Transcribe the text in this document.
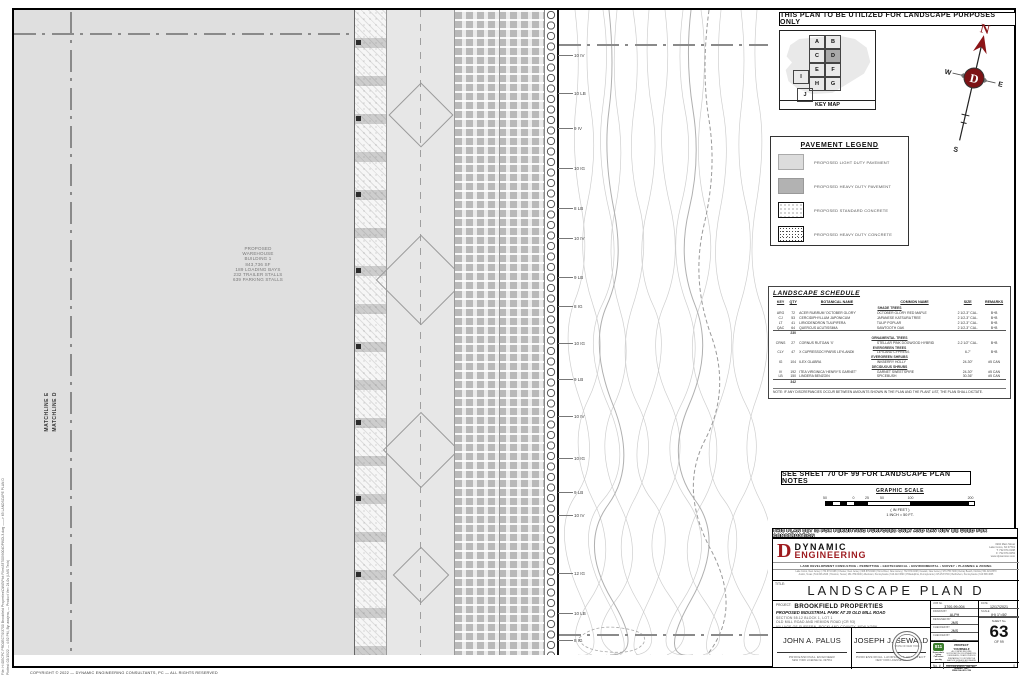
File: H:\DECPC PROJECTS\3700 Brookfield Properties\DWG\Plot Files\3370099004DPWDL3.dwg ——> 63 LANDSCAPE PLAN D Plotted: 02/15/22 — 4:52 PM, By: anajera, — Product Ver: 24.0s (LMS Tech)	COPYRIGHT © 2022 — DYNAMIC ENGINEERING CONSULTANTS, PC — ALL RIGHTS RESERVED
PROPOSED
WAREHOUSE
BUILDING 1
843,736 SF
189 LOADING BAYS
232 TRAILER STALLS
639 PARKING STALLS
MATCHLINE E MATCHLINE D
10 IV
10 LB
9 IV
10 IG
8 LB
10 IV
9 LB
8 IG
10 IG
9 LB
10 IV
10 IG
9 LB
10 IV
12 IG
10 LB
8 IG
THIS PLAN TO BE UTILIZED FOR LANDSCAPE PURPOSES ONLY
A	B
C	D
E	F
I
H	G
J
KEY MAP
N
D
W
E
S
PAVEMENT LEGEND
PROPOSED LIGHT DUTY PAVEMENT
PROPOSED HEAVY DUTY PAVEMENT
PROPOSED STANDARD CONCRETE
PROPOSED HEAVY DUTY CONCRETE
LANDSCAPE SCHEDULE
KEY	QTY	BOTANICAL NAME	COMMON NAME	SIZE	REMARKS
SHADE TREES					
ARG	72	ACER RUBRUM 'OCTOBER GLORY'	OCTOBER GLORY RED MAPLE	2 1/2-3" CAL.	B+B
CJ	53	CERCIDIPHYLLUM JAPONICUM	JAPANESE KATSURA TREE	2 1/2-3" CAL.	B+B
LT	41	LIRIODENDRON TULIPIFERA	TULIP POPLAR	2 1/2-3" CAL.	B+B
QAC	64	QUERCUS ACUTISSIMA	SAWTOOTH OAK	2 1/2-3" CAL.	B+B
	230				
ORNAMENTAL TREES					
CRNS	27	CORNUS RUTGAN 'X'	STELLAR PINK DOGWOOD HYBRID	2-2 1/2" CAL.	B+B
EVERGREEN TREES					
CLY	47	X CUPRESSOCYPARIS LEYLANDII	LEYLAND CYPRESS	6-7'	B+B
EVERGREEN SHRUBS					
IG	104	ILEX GLABRA	INKBERRY HOLLY	24-30"	#5 CAN
DECIDUOUS SHRUBS					
IV	192	ITEA VIRGINICA 'HENRY'S GARNET'	GARNET SWEETSPIRE	24-30"	#5 CAN
LB	150	LINDERA BENZOIN	SPICEBUSH	30-36"	#5 CAN
	342				
NOTE: IF ANY DISCREPANCIES OCCUR BETWEEN AMOUNTS SHOWN IN THE PLAN AND THE PLANT LIST, THE PLAN SHALL DICTATE.
SEE SHEET 70 OF 99 FOR LANDSCAPE PLAN NOTES
GRAPHIC SCALE
50	0	25	50	100	200
( IN FEET )
1 INCH = 50 FT.
THIS PLAN SET IS FOR PERMITTING PURPOSES ONLY AND MAY NOT BE USED FOR CONSTRUCTION
D DYNAMIC
ENGINEERING
1904 Main Street
Lake Como, NJ 07719
T: 732.974.0198
F: 732.974.0253
www.dynamicec.com
LAND DEVELOPMENT CONSULTING • PERMITTING • GEOTECHNICAL • ENVIRONMENTAL • SURVEY • PLANNING & ZONING
Lake Como, New Jersey | 732.974.0198 | Chester, New Jersey | 908.879.9229 | Toms River, New Jersey | 732.974.0198 | Newark, New Jersey | 973.755.7200 | Delray Beach, Florida | 561.921.8570
Austin, Texas | 512.646.2646 | Houston, Texas | 281.789.6400 | Allentown, Pennsylvania | 610.422.3690 | Philadelphia, Pennsylvania | 215.253.5700 | Bethlehem, Pennsylvania | 610.598.4665
TITLE:	LANDSCAPE PLAN D
PROJECT: BROOKFIELD PROPERTIES
PROPOSED INDUSTRIAL PARK AT 20 OLD MILL ROAD
SECTION 55.12 BLOCK 1, LOT 1
OLD MILL ROAD AND HEMION ROAD (CR 93)
VILLAGE OF SUFFERN, ROCKLAND COUNTY, NEW YORK
JOB No.
3700-99-004
DRAWN BY
ALPH
DESIGNED BY
JMS
CHECKED BY
JMS
CHECKED BY
—
DATE
12/17/2021
SCALE
(H) 1"=50'
SHEET No.
63
OF 99
JOHN A. PALUS
PROFESSIONAL ENGINEER
NEW YORK LICENSE No. 097561
JOSEPH J. SEWALD
PROFESSIONAL LANDSCAPE ARCHITECT
NEW YORK LICENSE No.
STATE OF NEW YORK	811
Know what's below.
Call before you dig.
PROTECT YOURSELF
ALL STATES REQUIRE NOTIFICATION OF EXCAVATORS, DESIGNERS, OR ANY PERSON PREPARING TO DISTURB THE EARTH'S SURFACE ANYWHERE IN ANY STATE
FOR YOUR STATE'S "ONE CALL" NUMBER, VISIT: WWW.CALL811.COM
No. #	0
